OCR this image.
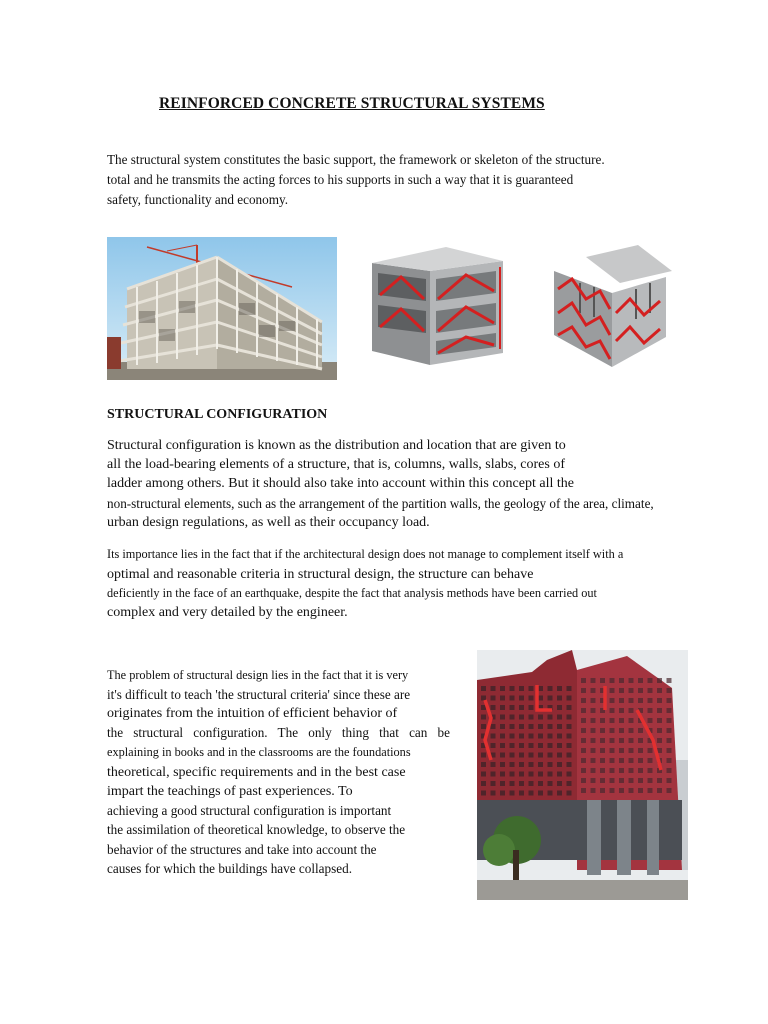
REINFORCED CONCRETE STRUCTURAL SYSTEMS
The structural system constitutes the basic support, the framework or skeleton of the structure.
total and he transmits the acting forces to his supports in such a way that it is guaranteed
safety, functionality and economy.
STRUCTURAL CONFIGURATION
Structural configuration is known as the distribution and location that are given to
all the load-bearing elements of a structure, that is, columns, walls, slabs, cores of
ladder among others. But it should also take into account within this concept all the
non-structural elements, such as the arrangement of the partition walls, the geology of the area, climate,
urban design regulations, as well as their occupancy load.
Its importance lies in the fact that if the architectural design does not manage to complement itself with a
optimal and reasonable criteria in structural design, the structure can behave
deficiently in the face of an earthquake, despite the fact that analysis methods have been carried out
complex and very detailed by the engineer.
The problem of structural design lies in the fact that it is very
it's difficult to teach 'the structural criteria' since these are
originates from the intuition of efficient behavior of
the structural configuration. The only thing that can be
explaining in books and in the classrooms are the foundations
theoretical, specific requirements and in the best case
impart the teachings of past experiences. To
achieving a good structural configuration is important
the assimilation of theoretical knowledge, to observe the
behavior of the structures and take into account the
causes for which the buildings have collapsed.
